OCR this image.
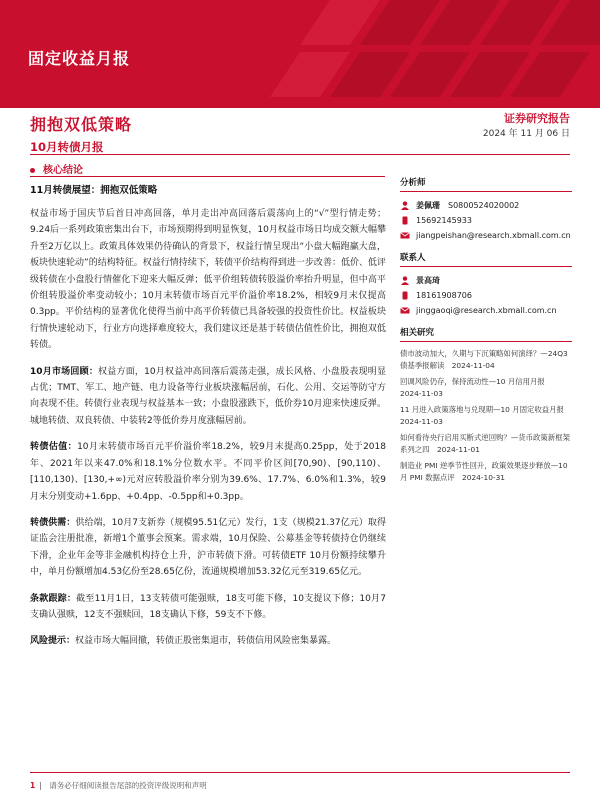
固定收益月报
拥抱双低策略
10月转债月报
证券研究报告
2024 年 11 月 06 日
核心结论
11月转债展望：拥抱双低策略

权益市场于国庆节后首日冲高回落，单月走出冲高回落后震荡向上的“√”型行情走势；9.24后一系列政策密集出台下，市场预期得到明显恢复，10月权益市场日均成交额大幅攀升至2万亿以上。政策具体效果仍待确认的背景下，权益行情呈现出“小盘大幅跑赢大盘，板块快速轮动”的结构特征。权益行情持续下，转债平价结构得到进一步改善：低价、低评级转债在小盘股行情催化下迎来大幅反弹；低平价组转债转股溢价率抬升明显，但中高平价组转股溢价率变动较小；10月末转债市场百元平价溢价率18.2%，相较9月末仅提高0.3pp。平价结构的显著优化使得当前中高平价转债已具备较强的投资性价比。权益板块行情快速轮动下，行业方向选择难度较大，我们建议还是基于转债估值性价比，拥抱双低转债。

10月市场回顾：权益方面，10月权益冲高回落后震荡走强，成长风格、小盘股表现明显占优；TMT、军工、地产链、电力设备等行业板块涨幅居前，石化、公用、交运等防守方向表现不佳。转债行业表现与权益基本一致；小盘股涨跌下，低价券10月迎来快速反弹。城地转债、双良转债、中装转2等低价券月度涨幅居前。

转债估值：10月末转债市场百元平价溢价率18.2%，较9月末提高0.25pp，处于2018年、2021年以来47.0%和18.1%分位数水平。不同平价区间[70,90)、[90,110)、[110,130)、[130,+∞)元对应转股溢价率分别为39.6%、17.7%、6.0%和1.3%，较9月末分别变动+1.6pp、+0.4pp、-0.5pp和+0.3pp。

转债供需：供给端，10月7支新券（规模95.51亿元）发行，1支（规模21.37亿元）取得证监会注册批准，新增1个董事会预案。需求端，10月保险、公募基金等转债持仓仍继续下滑，企业年金等非金融机构持仓上升，沪市转债下滑。可转债ETF 10月份额持续攀升中，单月份额增加4.53亿份至28.65亿份，流通规模增加53.32亿元至319.65亿元。

条款跟踪：截至11月1日，13支转债可能强赎，18支可能下修，10支提议下修；10月7支确认强赎，12支不强赎回，18支确认下修，59支不下修。

风险提示：权益市场大幅回撤，转债正股密集退市，转债信用风险密集暴露。

分析师
姜佩珊　 S0800524020002
15692145933
jiangpeishan@research.xbmall.com.cn
联系人
景高琦
18161908706
jinggaoqi@research.xbmall.com.cn
相关研究
债市波动加大，久期与下沉策略如何演绎？—24Q3债基季报解读　2024-11-04
回调风险仍存，保持流动性—10 月信用月报　2024-11-03
11 月进入政策落地与兑现期—10 月固定收益月报　2024-11-03
如何看待央行启用买断式逆回购？—货币政策新框架系列之四　2024-11-01
制造业 PMI 逆季节性回升，政策效果逐步释放—10 月 PMI 数据点评　2024-10-31
1 |　请务必仔细阅读报告尾部的投资评级说明和声明
